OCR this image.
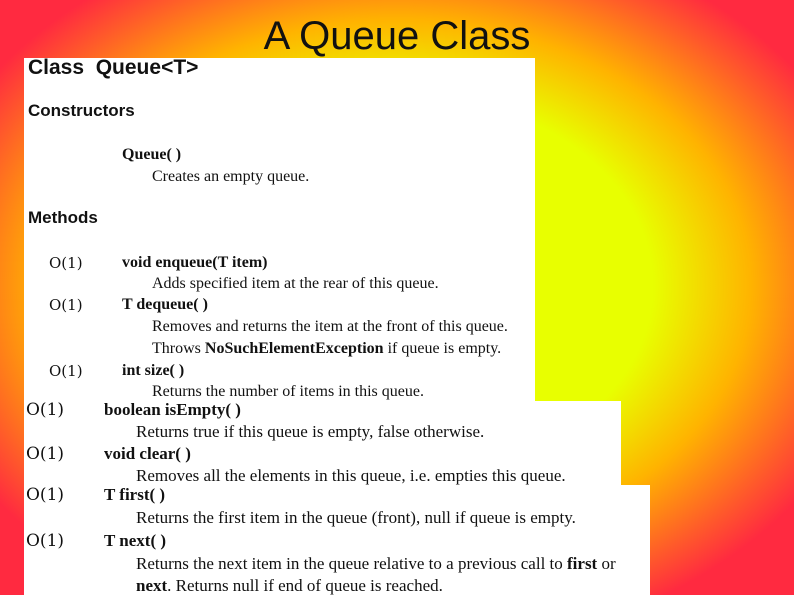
A Queue Class
Class Queue<T>
Constructors
Queue( )
Creates an empty queue.
Methods
O(1) void enqueue(T item)
Adds specified item at the rear of this queue.
O(1) T dequeue( )
Removes and returns the item at the front of this queue.
Throws NoSuchElementException if queue is empty.
O(1) int size( )
Returns the number of items in this queue.
O(1) boolean isEmpty( )
Returns true if this queue is empty, false otherwise.
O(1) void clear( )
Removes all the elements in this queue, i.e. empties this queue.
O(1) T first( )
Returns the first item in the queue (front), null if queue is empty.
O(1) T next( )
Returns the next item in the queue relative to a previous call to first or
next. Returns null if end of queue is reached.
